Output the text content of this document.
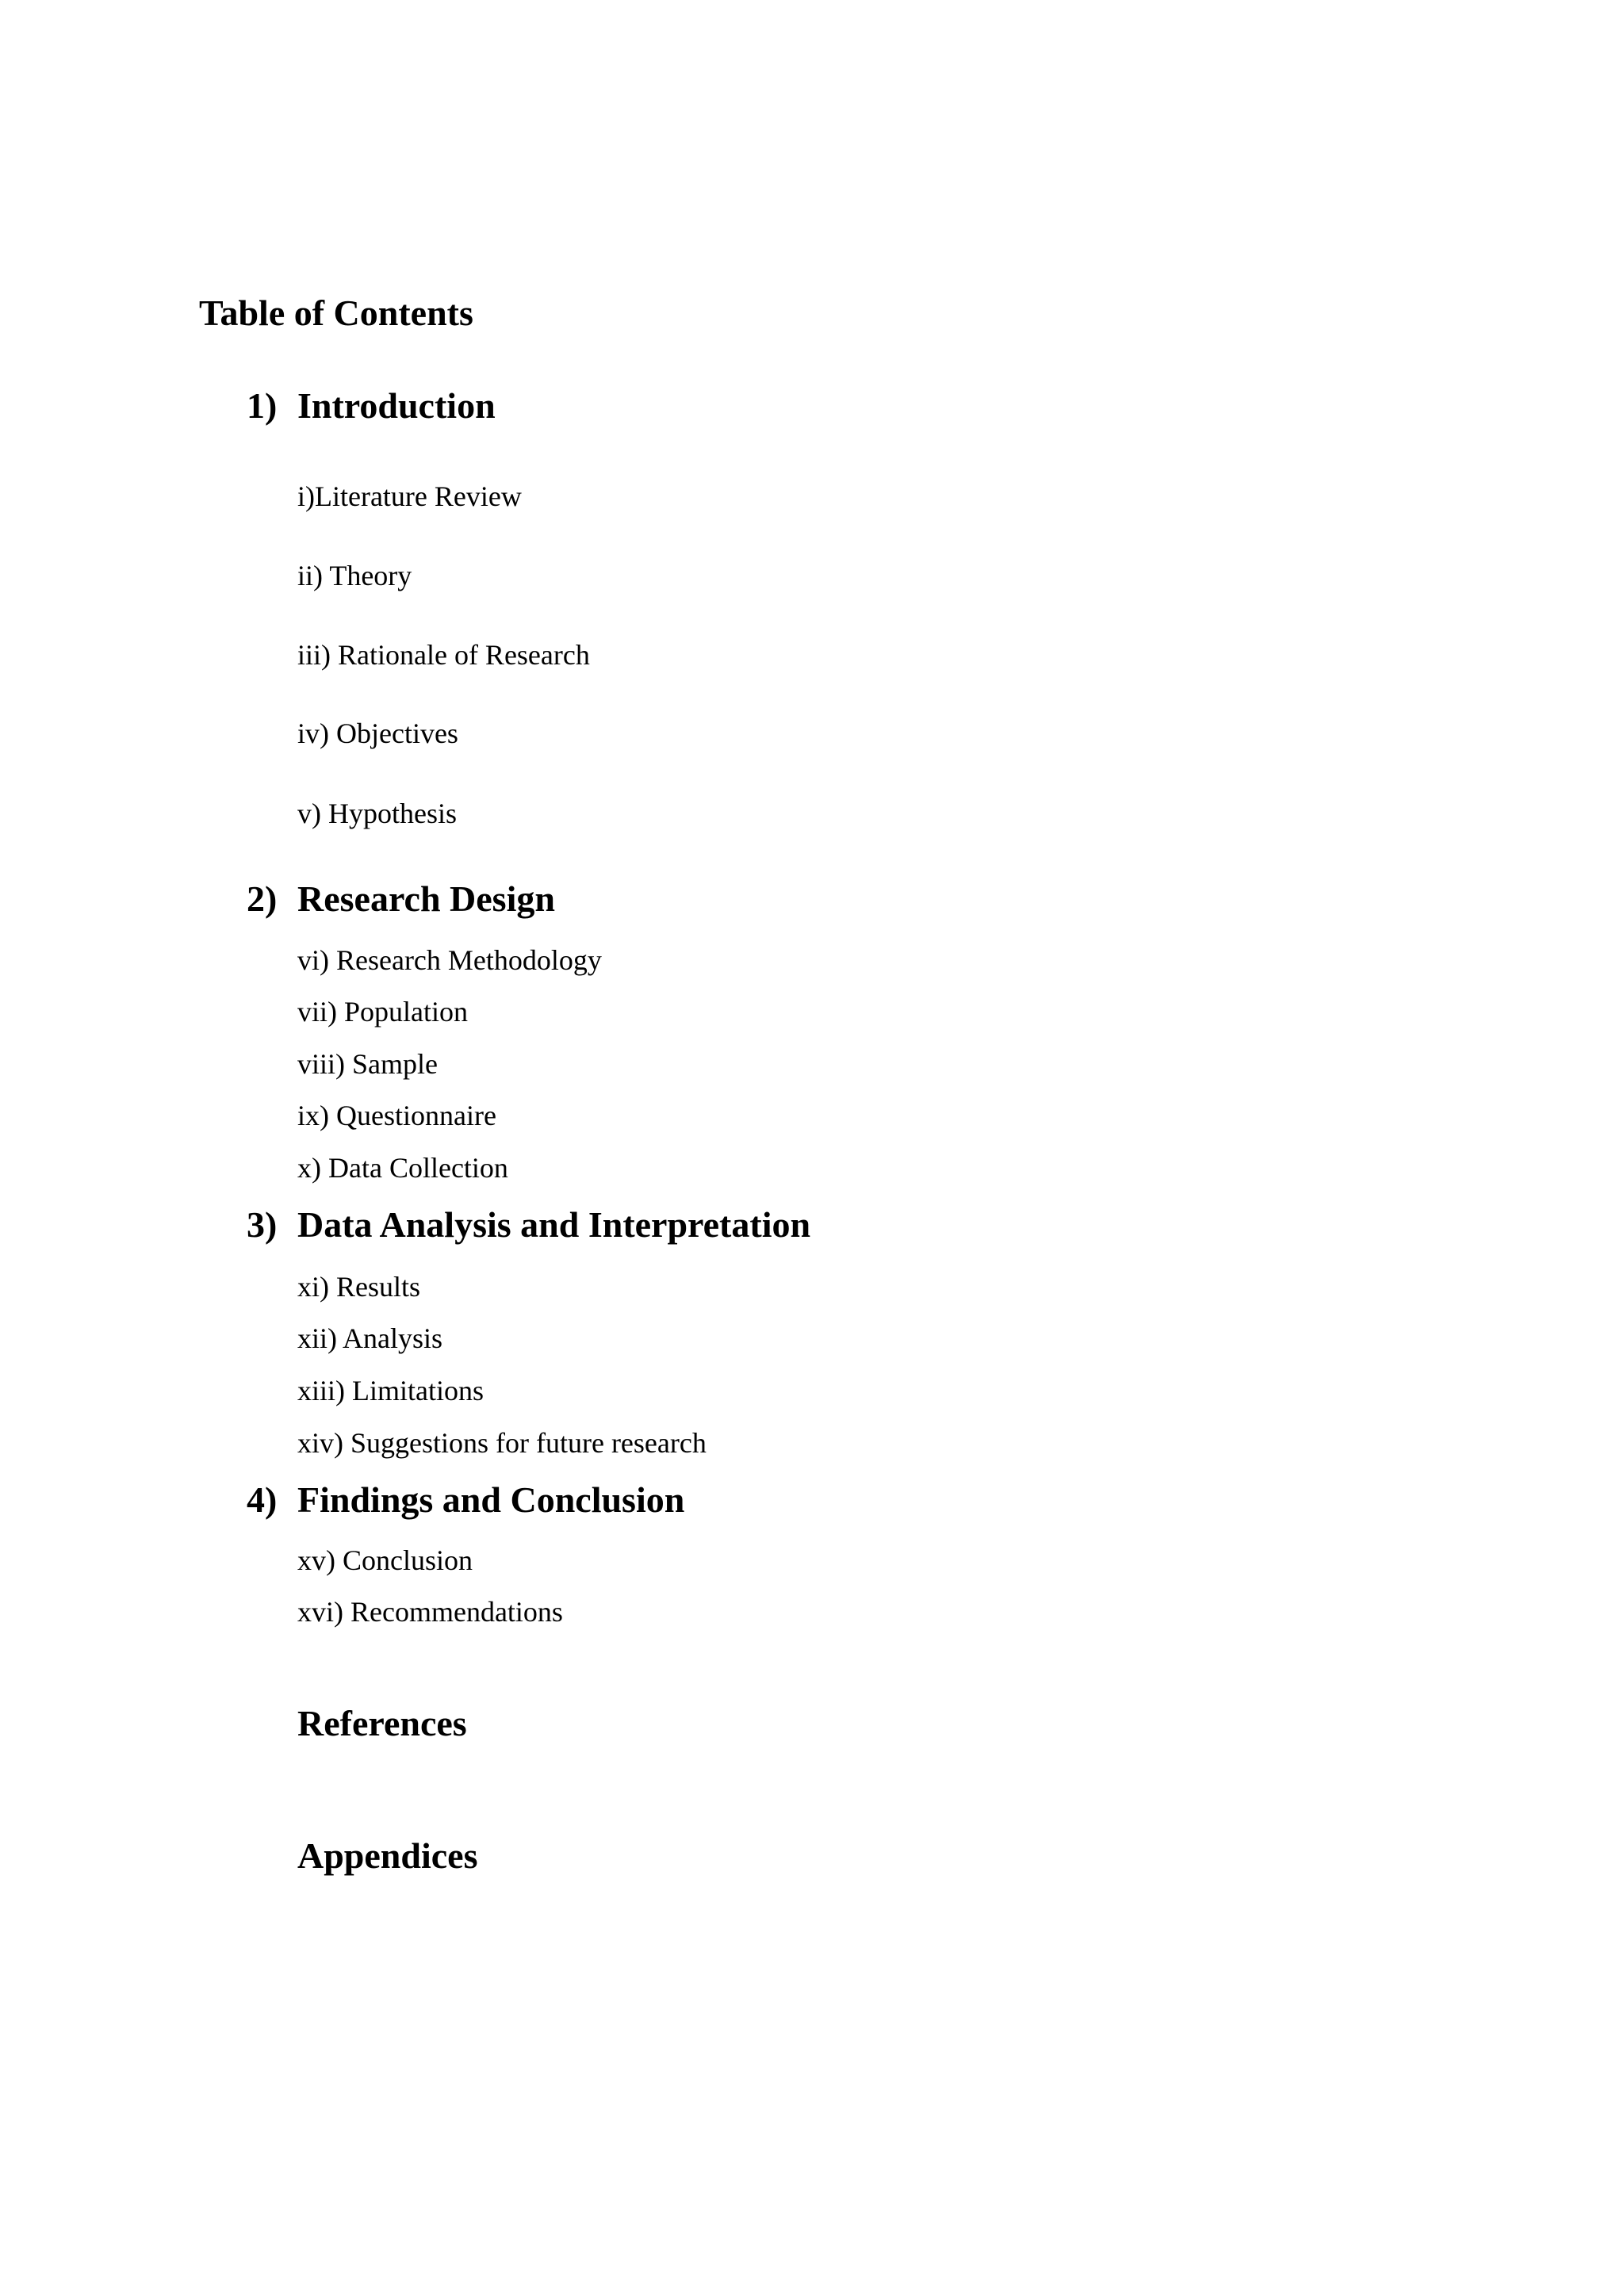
Table of Contents
1) Introduction
i)Literature Review
ii) Theory
iii) Rationale of Research
iv) Objectives
v) Hypothesis
2) Research Design
vi) Research Methodology
vii) Population
viii) Sample
ix) Questionnaire
x) Data Collection
3) Data Analysis and Interpretation
xi) Results
xii) Analysis
xiii) Limitations
xiv) Suggestions for future research
4) Findings and Conclusion
xv) Conclusion
xvi) Recommendations
References
Appendices
